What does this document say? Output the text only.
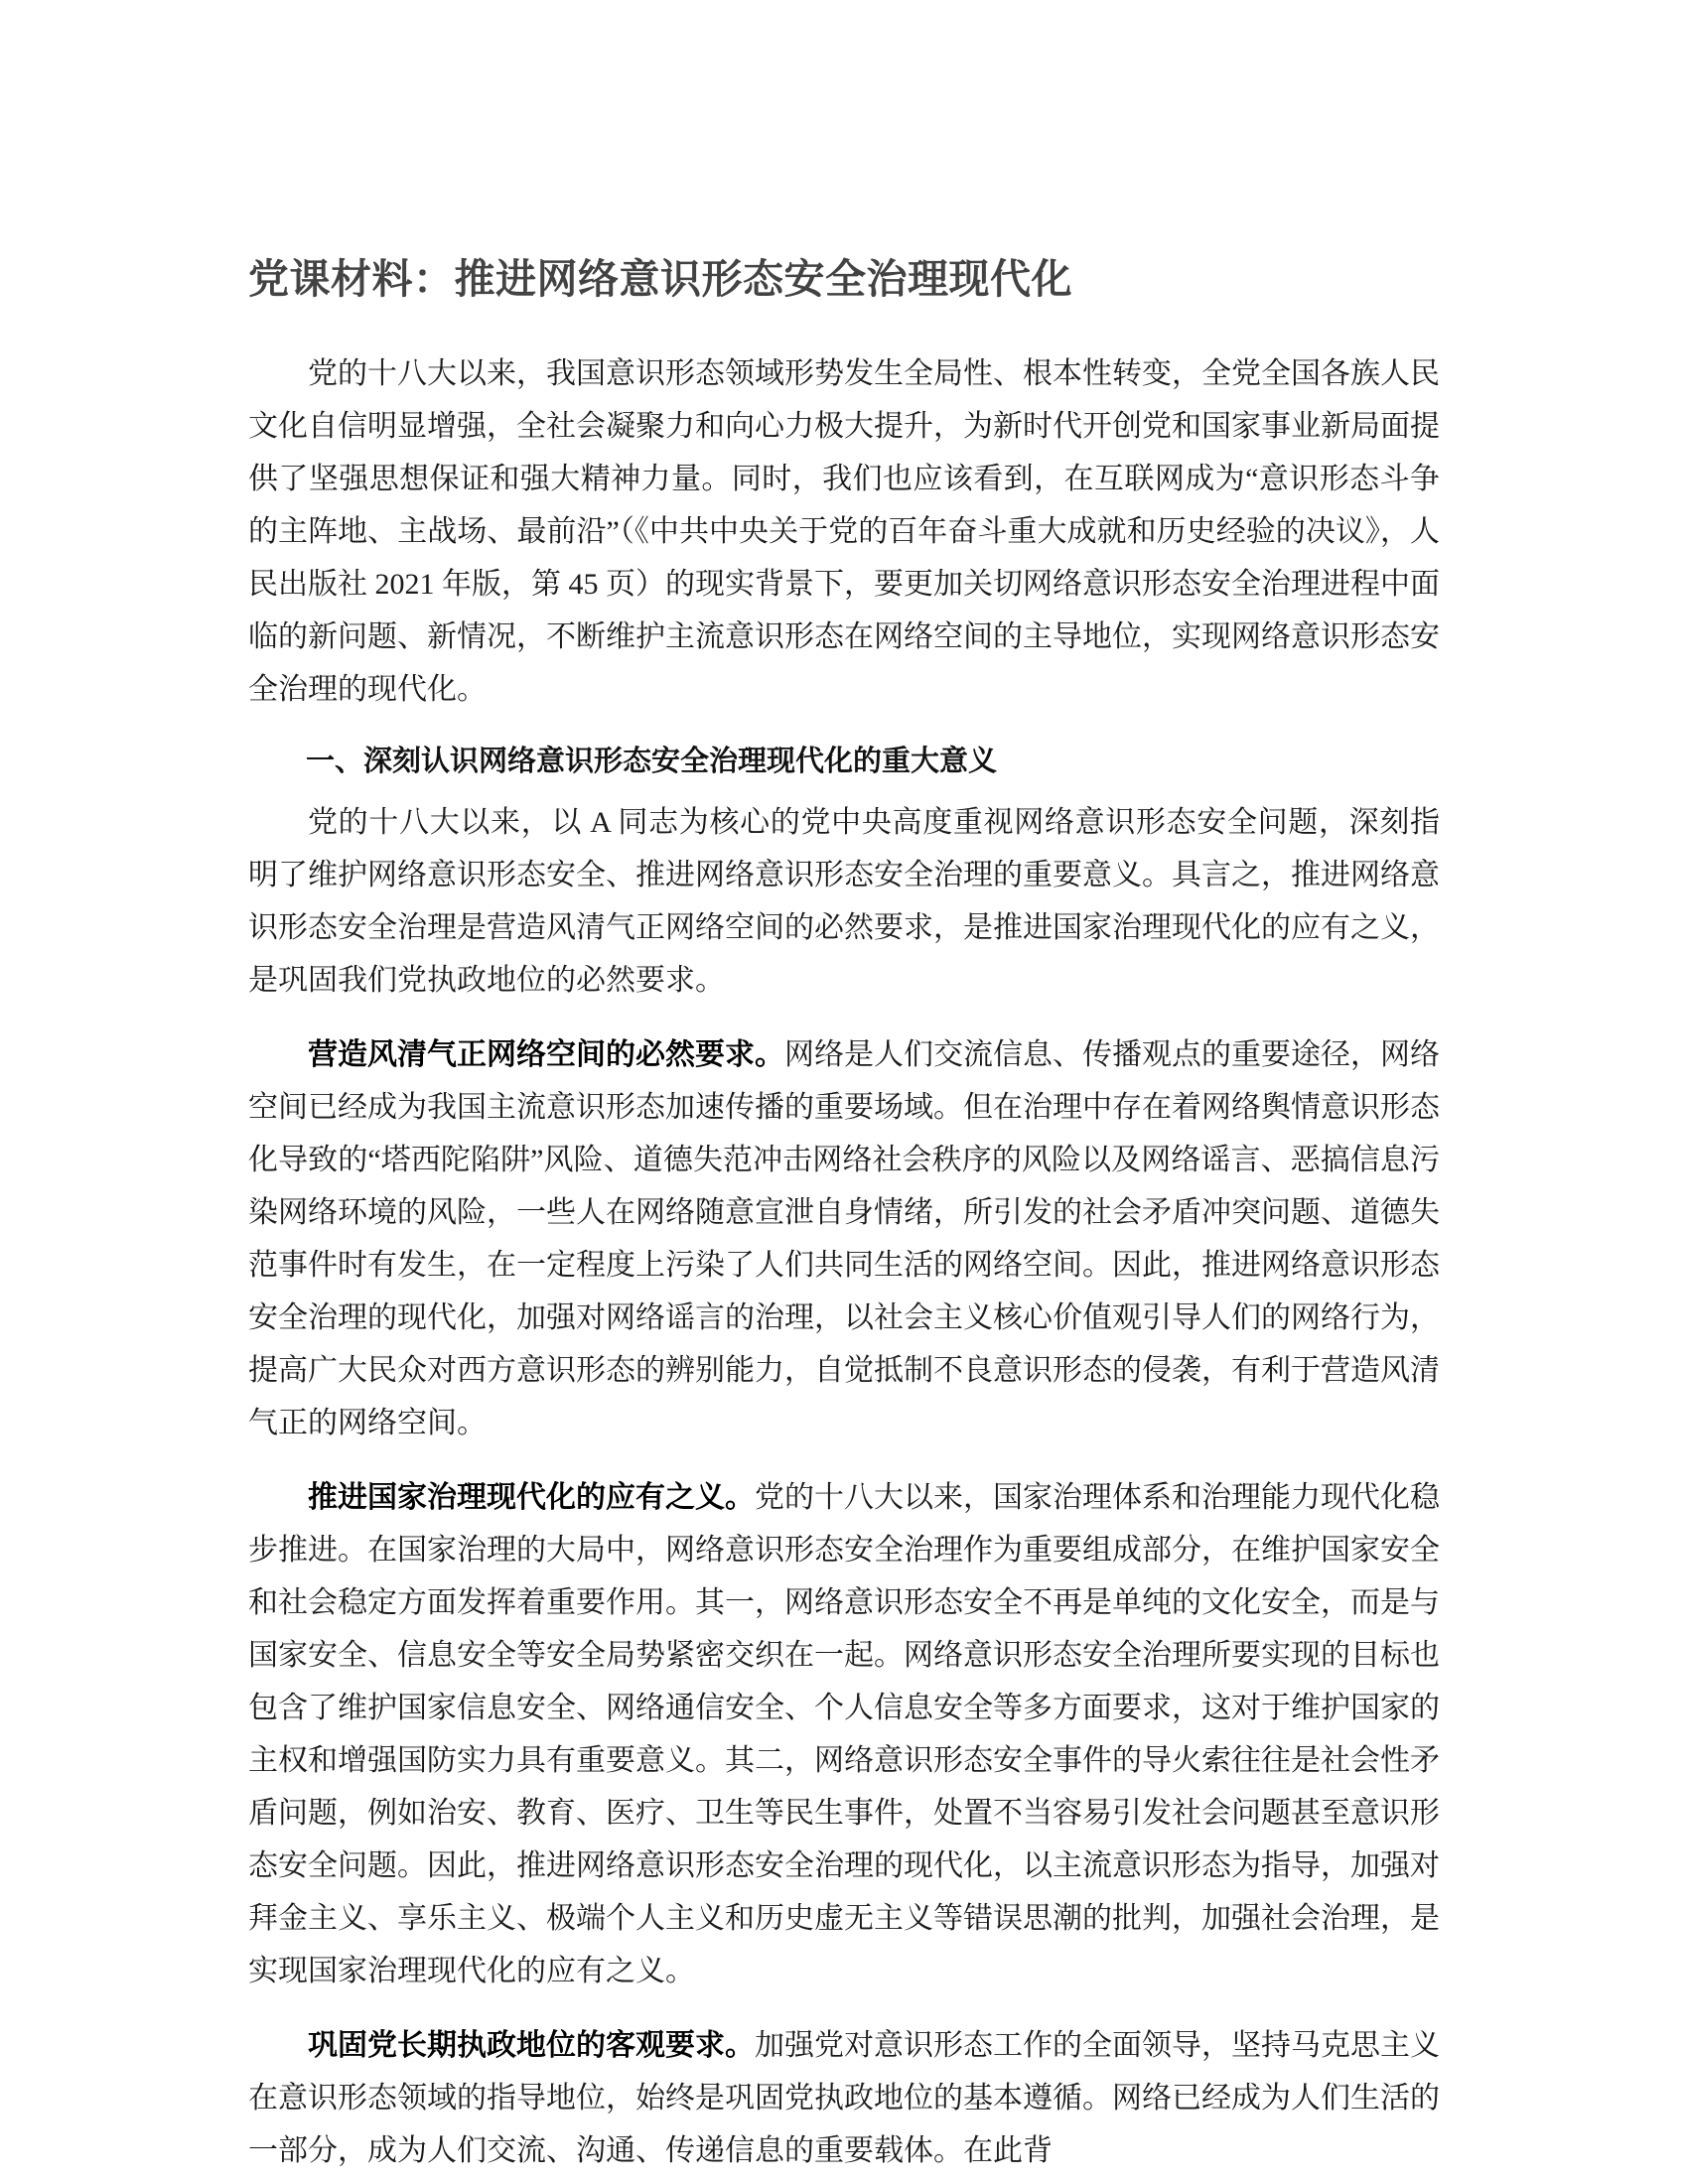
党课材料：推进网络意识形态安全治理现代化

党的十八大以来，我国意识形态领域形势发生全局性、根本性转变，全党全国各族人民文化自信明显增强，全社会凝聚力和向心力极大提升，为新时代开创党和国家事业新局面提供了坚强思想保证和强大精神力量。同时，我们也应该看到，在互联网成为“意识形态斗争的主阵地、主战场、最前沿”（《中共中央关于党的百年奋斗重大成就和历史经验的决议》，人民出版社 2021 年版，第 45 页）的现实背景下，要更加关切网络意识形态安全治理进程中面临的新问题、新情况，不断维护主流意识形态在网络空间的主导地位，实现网络意识形态安全治理的现代化。

一、深刻认识网络意识形态安全治理现代化的重大意义

党的十八大以来，以 A 同志为核心的党中央高度重视网络意识形态安全问题，深刻指明了维护网络意识形态安全、推进网络意识形态安全治理的重要意义。具言之，推进网络意识形态安全治理是营造风清气正网络空间的必然要求，是推进国家治理现代化的应有之义，是巩固我们党执政地位的必然要求。

营造风清气正网络空间的必然要求。网络是人们交流信息、传播观点的重要途径，网络空间已经成为我国主流意识形态加速传播的重要场域。但在治理中存在着网络舆情意识形态化导致的“塔西陀陷阱”风险、道德失范冲击网络社会秩序的风险以及网络谣言、恶搞信息污染网络环境的风险，一些人在网络随意宣泄自身情绪，所引发的社会矛盾冲突问题、道德失范事件时有发生，在一定程度上污染了人们共同生活的网络空间。因此，推进网络意识形态安全治理的现代化，加强对网络谣言的治理，以社会主义核心价值观引导人们的网络行为，提高广大民众对西方意识形态的辨别能力，自觉抵制不良意识形态的侵袭，有利于营造风清气正的网络空间。

推进国家治理现代化的应有之义。党的十八大以来，国家治理体系和治理能力现代化稳步推进。在国家治理的大局中，网络意识形态安全治理作为重要组成部分，在维护国家安全和社会稳定方面发挥着重要作用。其一，网络意识形态安全不再是单纯的文化安全，而是与国家安全、信息安全等安全局势紧密交织在一起。网络意识形态安全治理所要实现的目标也包含了维护国家信息安全、网络通信安全、个人信息安全等多方面要求，这对于维护国家的主权和增强国防实力具有重要意义。其二，网络意识形态安全事件的导火索往往是社会性矛盾问题，例如治安、教育、医疗、卫生等民生事件，处置不当容易引发社会问题甚至意识形态安全问题。因此，推进网络意识形态安全治理的现代化，以主流意识形态为指导，加强对拜金主义、享乐主义、极端个人主义和历史虚无主义等错误思潮的批判，加强社会治理，是实现国家治理现代化的应有之义。

巩固党长期执政地位的客观要求。加强党对意识形态工作的全面领导，坚持马克思主义在意识形态领域的指导地位，始终是巩固党执政地位的基本遵循。网络已经成为人们生活的一部分，成为人们交流、沟通、传递信息的重要载体。在此背
